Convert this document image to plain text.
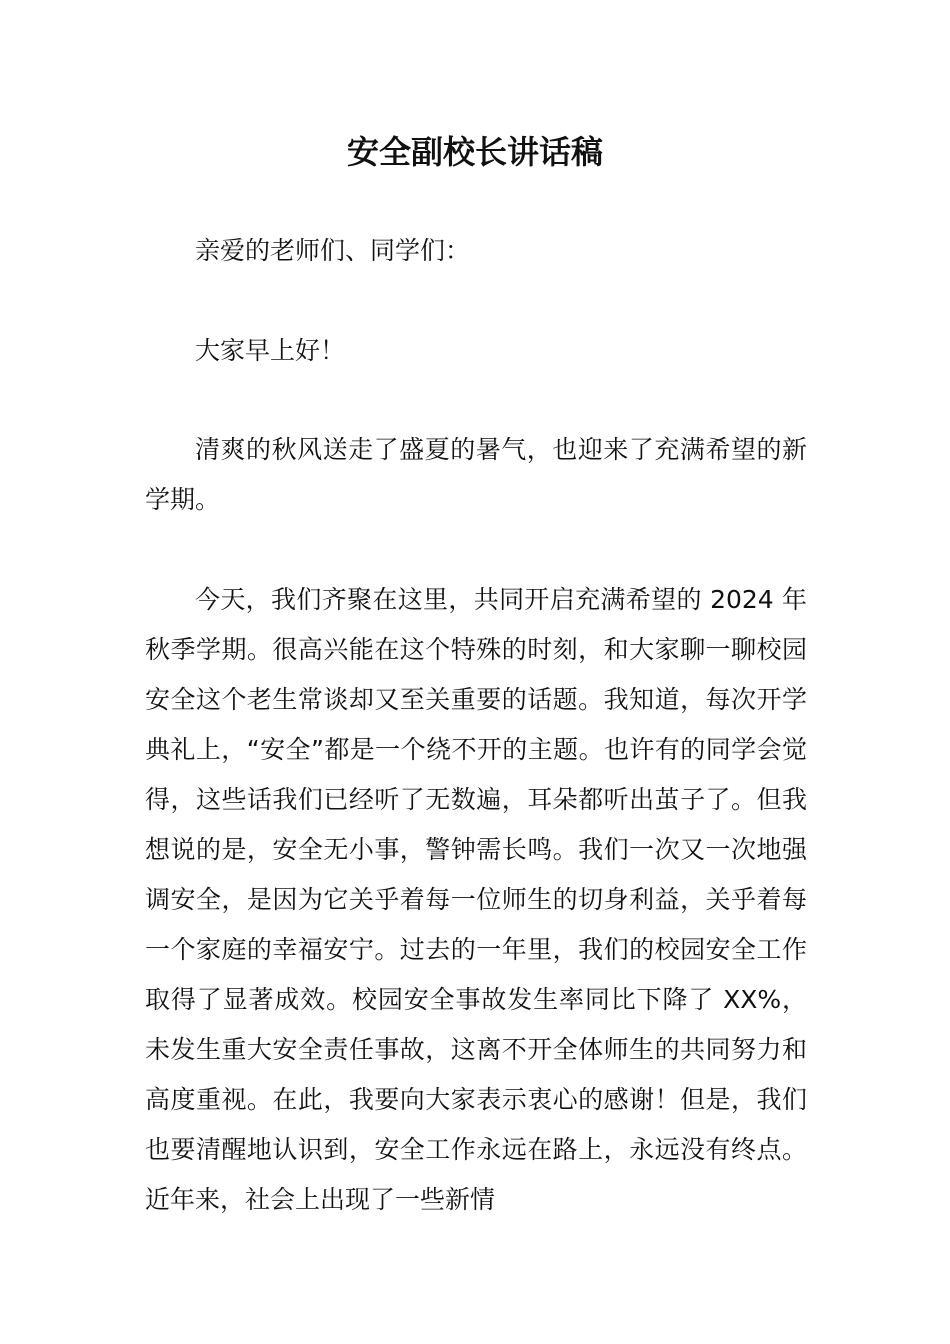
安全副校长讲话稿

亲爱的老师们、同学们：

大家早上好！

清爽的秋风送走了盛夏的暑气，也迎来了充满希望的新学期。

今天，我们齐聚在这里，共同开启充满希望的 2024 年秋季学期。很高兴能在这个特殊的时刻，和大家聊一聊校园安全这个老生常谈却又至关重要的话题。我知道，每次开学典礼上，“安全”都是一个绕不开的主题。也许有的同学会觉得，这些话我们已经听了无数遍，耳朵都听出茧子了。但我想说的是，安全无小事，警钟需长鸣。我们一次又一次地强调安全，是因为它关乎着每一位师生的切身利益，关乎着每一个家庭的幸福安宁。过去的一年里，我们的校园安全工作取得了显著成效。校园安全事故发生率同比下降了 XX%，未发生重大安全责任事故，这离不开全体师生的共同努力和高度重视。在此，我要向大家表示衷心的感谢！但是，我们也要清醒地认识到，安全工作永远在路上，永远没有终点。近年来，社会上出现了一些新情
